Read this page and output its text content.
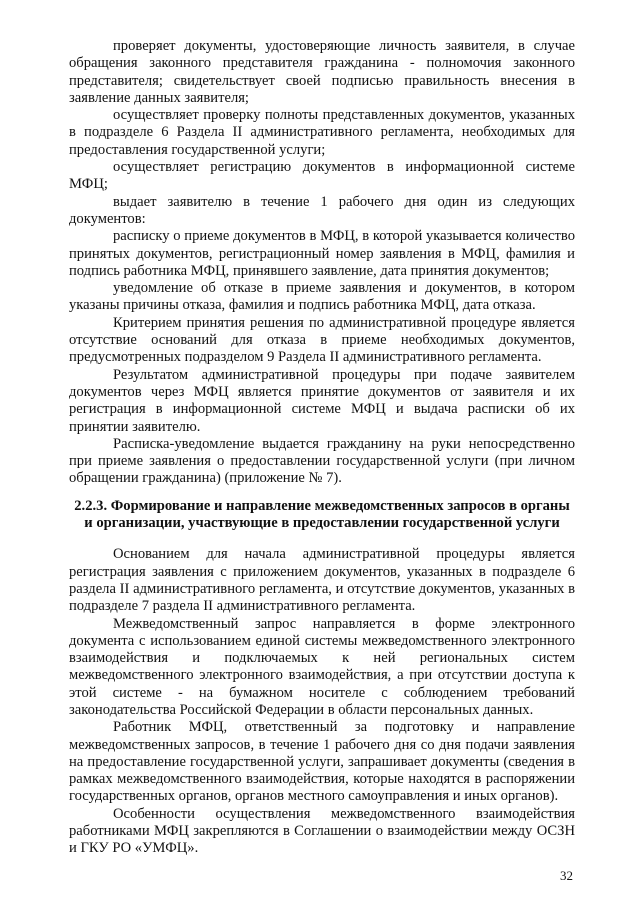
проверяет документы, удостоверяющие личность заявителя, в случае обращения законного представителя гражданина - полномочия законного представителя; свидетельствует своей подписью правильность внесения в заявление данных заявителя;

осуществляет проверку полноты представленных документов, указанных в подразделе 6 Раздела II административного регламента, необходимых для предоставления государственной услуги;

осуществляет регистрацию документов в информационной системе МФЦ;

выдает заявителю в течение 1 рабочего дня один из следующих документов:

расписку о приеме документов в МФЦ, в которой указывается количество принятых документов, регистрационный номер заявления в МФЦ, фамилия и подпись работника МФЦ, принявшего заявление, дата принятия документов;

уведомление об отказе в приеме заявления и документов, в котором указаны причины отказа, фамилия и подпись работника МФЦ, дата отказа.

Критерием принятия решения по административной процедуре является отсутствие оснований для отказа в приеме необходимых документов, предусмотренных подразделом 9 Раздела II административного регламента.

Результатом административной процедуры при подаче заявителем документов через МФЦ является принятие документов от заявителя и их регистрация в информационной системе МФЦ и выдача расписки об их принятии заявителю.

Расписка-уведомление выдается гражданину на руки непосредственно при приеме заявления о предоставлении государственной услуги (при личном обращении гражданина) (приложение № 7).

2.2.3. Формирование и направление межведомственных запросов в органы и организации, участвующие в предоставлении государственной услуги

Основанием для начала административной процедуры является регистрация заявления с приложением документов, указанных в подразделе 6 раздела II административного регламента, и отсутствие документов, указанных в подразделе 7 раздела II административного регламента.

Межведомственный запрос направляется в форме электронного документа с использованием единой системы межведомственного электронного взаимодействия и подключаемых к ней региональных систем межведомственного электронного взаимодействия, а при отсутствии доступа к этой системе - на бумажном носителе с соблюдением требований законодательства Российской Федерации в области персональных данных.

Работник МФЦ, ответственный за подготовку и направление межведомственных запросов, в течение 1 рабочего дня со дня подачи заявления на предоставление государственной услуги, запрашивает документы (сведения в рамках межведомственного взаимодействия, которые находятся в распоряжении государственных органов, органов местного самоуправления и иных органов).

Особенности осуществления межведомственного взаимодействия работниками МФЦ закрепляются в Соглашении о взаимодействии между ОСЗН и ГКУ РО «УМФЦ».

32
